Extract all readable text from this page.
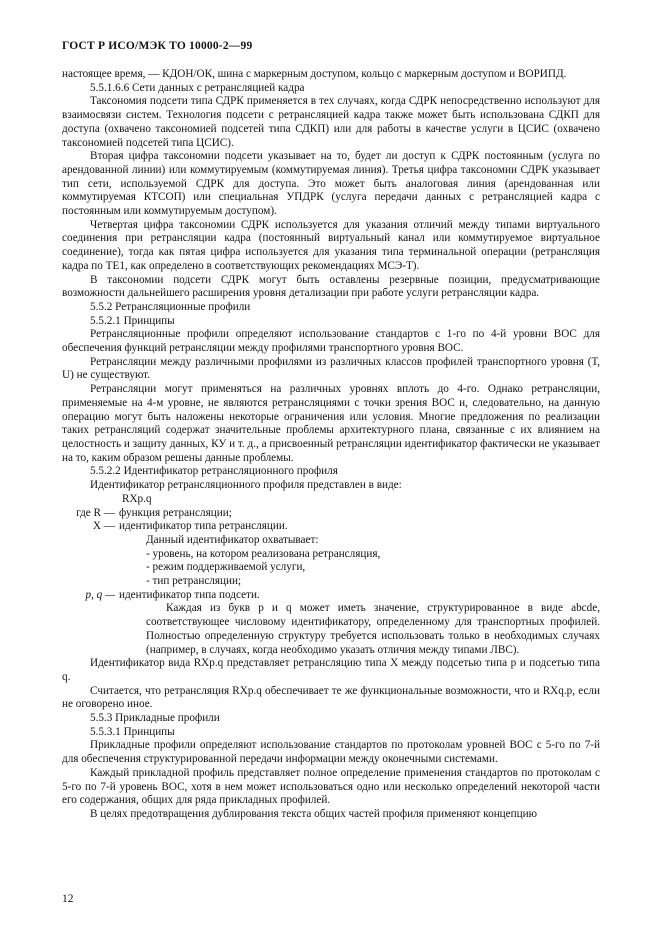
ГОСТ Р ИСО/МЭК ТО 10000-2—99

настоящее время, — КДОН/ОК, шина с маркерным доступом, кольцо с маркерным доступом и ВОРИПД.

5.5.1.6.6 Сети данных с ретрансляцией кадра

Таксономия подсети типа СДРК применяется в тех случаях, когда СДРК непосредственно используют для взаимосвязи систем. Технология подсети с ретрансляцией кадра также может быть использована СДКП для доступа (охвачено таксономией подсетей типа СДКП) или для работы в качестве услуги в ЦСИС (охвачено таксономией подсетей типа ЦСИС).

Вторая цифра таксономии подсети указывает на то, будет ли доступ к СДРК постоянным (услуга по арендованной линии) или коммутируемым (коммутируемая линия). Третья цифра таксономии СДРК указывает тип сети, используемой СДРК для доступа. Это может быть аналоговая линия (арендованная или коммутируемая КТСОП) или специальная УПДРК (услуга передачи данных с ретрансляцией кадра с постоянным или коммутируемым доступом).

Четвертая цифра таксономии СДРК используется для указания отличий между типами виртуального соединения при ретрансляции кадра (постоянный виртуальный канал или коммутируемое виртуальное соединение), тогда как пятая цифра используется для указания типа терминальной операции (ретрансляция кадра по ТЕ1, как определено в соответствующих рекомендациях МСЭ-Т).

В таксономии подсети СДРК могут быть оставлены резервные позиции, предусматривающие возможности дальнейшего расширения уровня детализации при работе услуги ретрансляции кадра.

5.5.2 Ретрансляционные профили

5.5.2.1 Принципы

Ретрансляционные профили определяют использование стандартов с 1-го по 4-й уровни ВОС для обеспечения функций ретрансляции между профилями транспортного уровня ВОС.

Ретрансляции между различными профилями из различных классов профилей транспортного уровня (Т, U) не существуют.

Ретрансляции могут применяться на различных уровнях вплоть до 4-го. Однако ретрансляции, применяемые на 4-м уровне, не являются ретрансляциями с точки зрения ВОС и, следовательно, на данную операцию могут быть наложены некоторые ограничения или условия. Многие предложения по реализации таких ретрансляций содержат значительные проблемы архитектурного плана, связанные с их влиянием на целостность и защиту данных, КУ и т. д., а присвоенный ретрансляции идентификатор фактически не указывает на то, каким образом решены данные проблемы.

5.5.2.2 Идентификатор ретрансляционного профиля

Идентификатор ретрансляционного профиля представлен в виде:

RXp.q

где R — функция ретрансляции;
X — идентификатор типа ретрансляции.

Данный идентификатор охватывает:

- уровень, на котором реализована ретрансляция,

- режим поддерживаемой услуги,

- тип ретрансляции;

p, q — идентификатор типа подсети.

Каждая из букв p и q может иметь значение, структурированное в виде abcde, соответствующее числовому идентификатору, определенному для транспортных профилей. Полностью определенную структуру требуется использовать только в необходимых случаях (например, в случаях, когда необходимо указать отличия между типами ЛВС).

Идентификатор вида RXp.q представляет ретрансляцию типа X между подсетью типа p и подсетью типа q.

Считается, что ретрансляция RXp.q обеспечивает те же функциональные возможности, что и RXq.p, если не оговорено иное.

5.5.3 Прикладные профили

5.5.3.1 Принципы

Прикладные профили определяют использование стандартов по протоколам уровней ВОС с 5-го по 7-й для обеспечения структурированной передачи информации между оконечными системами.

Каждый прикладной профиль представляет полное определение применения стандартов по протоколам с 5-го по 7-й уровень ВОС, хотя в нем может использоваться одно или несколько определений некоторой части его содержания, общих для ряда прикладных профилей.

В целях предотвращения дублирования текста общих частей профиля применяют концепцию

12
